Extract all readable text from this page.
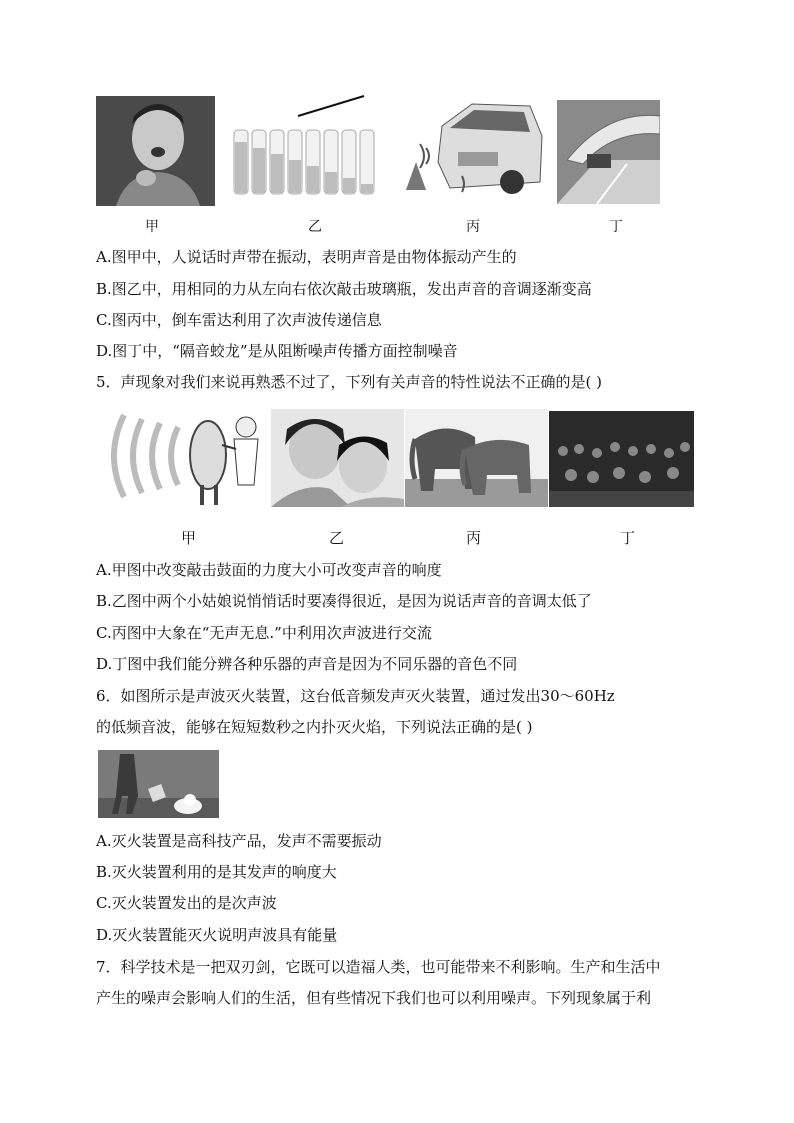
甲	乙	丙	丁
A.图甲中，人说话时声带在振动，表明声音是由物体振动产生的
B.图乙中，用相同的力从左向右依次敲击玻璃瓶，发出声音的音调逐渐变高
C.图丙中，倒车雷达利用了次声波传递信息
D.图丁中，“隔音蛟龙”是从阻断噪声传播方面控制噪音
5．声现象对我们来说再熟悉不过了，下列有关声音的特性说法不正确的是( )
甲	乙	丙	丁
A.甲图中改变敲击鼓面的力度大小可改变声音的响度
B.乙图中两个小姑娘说悄悄话时要凑得很近，是因为说话声音的音调太低了
C.丙图中大象在“无声无息.”中利用次声波进行交流
D.丁图中我们能分辨各种乐器的声音是因为不同乐器的音色不同
6．如图所示是声波灭火装置，这台低音频发声灭火装置，通过发出30～60Hz
的低频音波，能够在短短数秒之内扑灭火焰，下列说法正确的是( )
A.灭火装置是高科技产品，发声不需要振动
B.灭火装置利用的是其发声的响度大
C.灭火装置发出的是次声波
D.灭火装置能灭火说明声波具有能量
7．科学技术是一把双刃剑，它既可以造福人类，也可能带来不利影响。生产和生活中
产生的噪声会影响人们的生活，但有些情况下我们也可以利用噪声。下列现象属于利
